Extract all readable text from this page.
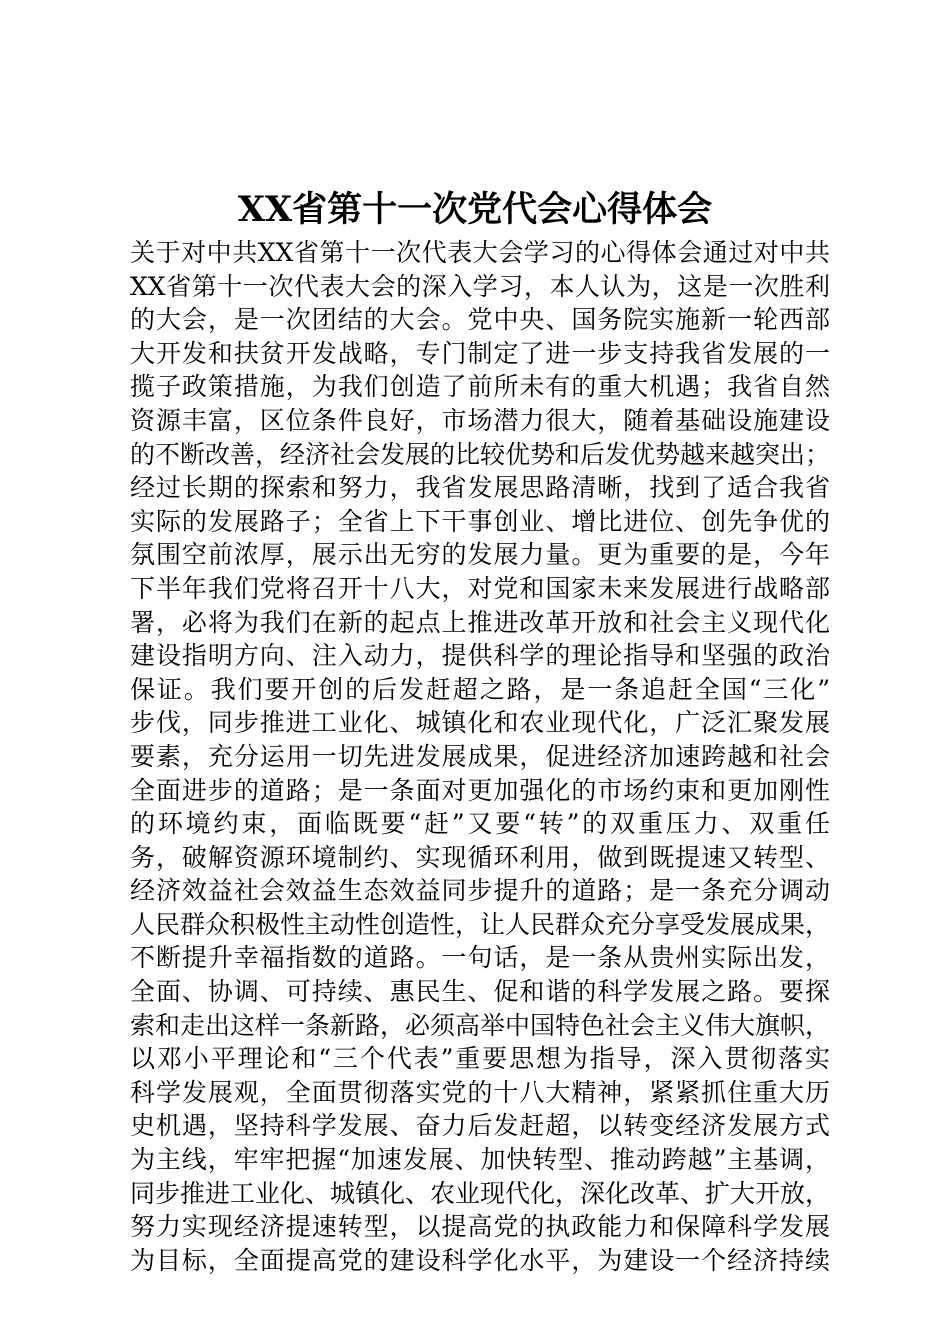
XX省第十一次党代会心得体会
关于对中共XX省第十一次代表大会学习的心得体会通过对中共
XX省第十一次代表大会的深入学习，本人认为，这是一次胜利
的大会，是一次团结的大会。党中央、国务院实施新一轮西部
大开发和扶贫开发战略，专门制定了进一步支持我省发展的一
揽子政策措施，为我们创造了前所未有的重大机遇；我省自然
资源丰富，区位条件良好，市场潜力很大，随着基础设施建设
的不断改善，经济社会发展的比较优势和后发优势越来越突出；
经过长期的探索和努力，我省发展思路清晰，找到了适合我省
实际的发展路子；全省上下干事创业、增比进位、创先争优的
氛围空前浓厚，展示出无穷的发展力量。更为重要的是，今年
下半年我们党将召开十八大，对党和国家未来发展进行战略部
署，必将为我们在新的起点上推进改革开放和社会主义现代化
建设指明方向、注入动力，提供科学的理论指导和坚强的政治
保证。我们要开创的后发赶超之路，是一条追赶全国“三化”
步伐，同步推进工业化、城镇化和农业现代化，广泛汇聚发展
要素，充分运用一切先进发展成果，促进经济加速跨越和社会
全面进步的道路；是一条面对更加强化的市场约束和更加刚性
的环境约束，面临既要“赶”又要“转”的双重压力、双重任
务，破解资源环境制约、实现循环利用，做到既提速又转型、
经济效益社会效益生态效益同步提升的道路；是一条充分调动
人民群众积极性主动性创造性，让人民群众充分享受发展成果，
不断提升幸福指数的道路。一句话，是一条从贵州实际出发，
全面、协调、可持续、惠民生、促和谐的科学发展之路。要探
索和走出这样一条新路，必须高举中国特色社会主义伟大旗帜，
以邓小平理论和“三个代表”重要思想为指导，深入贯彻落实
科学发展观，全面贯彻落实党的十八大精神，紧紧抓住重大历
史机遇，坚持科学发展、奋力后发赶超，以转变经济发展方式
为主线，牢牢把握“加速发展、加快转型、推动跨越”主基调，
同步推进工业化、城镇化、农业现代化，深化改革、扩大开放，
努力实现经济提速转型，以提高党的执政能力和保障科学发展
为目标，全面提高党的建设科学化水平，为建设一个经济持续
